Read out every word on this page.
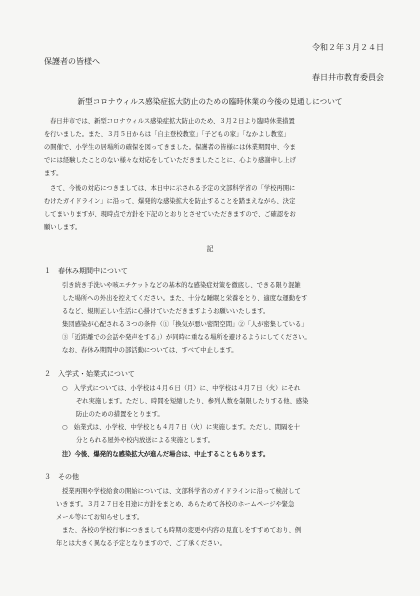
令和２年３月２４日
保護者の皆様へ
春日井市教育委員会
新型コロナウィルス感染症拡大防止のための臨時休業の今後の見通しについて
春日井市では、新型コロナウィルス感染症拡大防止のため、３月２日より臨時休業措置
を行いました。また、３月５日からは「自主登校教室」「子どもの家」「なかよし教室」
の開催で、小学生の居場所の確保を図ってきました。保護者の皆様には休業期間中、今ま
でには経験したことのない様々な対応をしていただきましたことに、心より感謝申し上げ
ます。
さて、今後の対応につきましては、本日中に示される予定の文部科学省の「学校再開に
むけたガイドライン」に沿って、爆発的な感染拡大を防止することを踏まえながら、決定
してまいりますが、現時点で方針を下記のとおりとさせていただきますので、ご確認をお
願いします。
記
１　春休み期間中について
引き続き手洗いや咳エチケットなどの基本的な感染症対策を徹底し、できる限り混雑
した場所への外出を控えてください。また、十分な睡眠と栄養をとり、適度な運動をす
るなど、規則正しい生活に心掛けていただきますようお願いいたします。
集団感染が心配される３つの条件（①「換気が悪い密閉空間」②「人が密集している」
③「近距離での会話や発声をする」）が同時に重なる場所を避けるようにしてください。
なお、春休み期間中の部活動については、すべて中止します。
２　入学式・始業式について
○　入学式については、小学校は４月６日（月）に、中学校は４月７日（火）にそれ
ぞれ実施します。ただし、時間を短縮したり、参列人数を制限したりする他、感染
防止のための措置をとります。
○　始業式は、小学校、中学校とも４月７日（火）に実施します。ただし、間隔を十
分とられる屋外や校内放送による実施とします。
注）今後、爆発的な感染拡大が進んだ場合は、中止することもあります。
３　その他
授業再開や学校給食の開始については、文部科学省のガイドラインに沿って検討して
いきます。３月２７日を目途に方針をまとめ、あらためて各校のホームページや緊急
メール等にてお知らせします。
また、各校の学校行事につきましても時期の変更や内容の見直しをすすめており、例
年とは大きく異なる予定となりますので、ご了承ください。
